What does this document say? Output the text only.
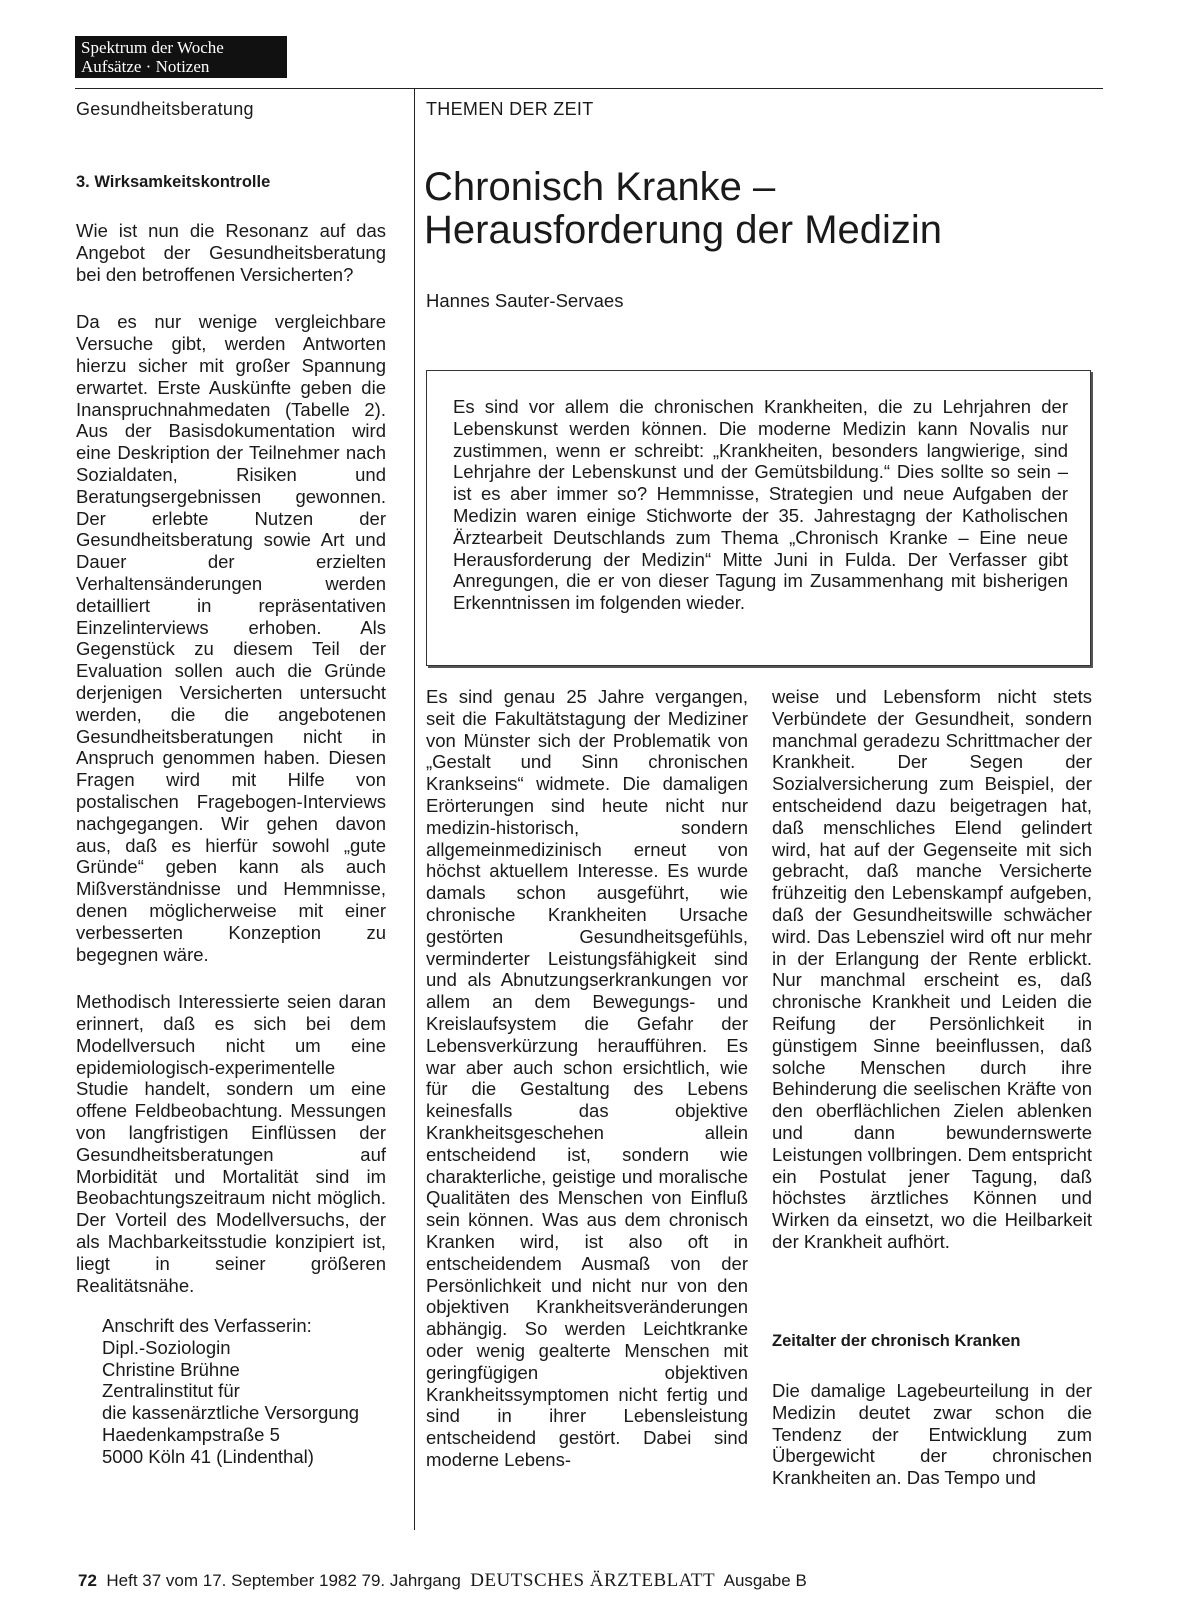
Spektrum der Woche
Aufsätze · Notizen
Gesundheitsberatung
3. Wirksamkeitskontrolle

Wie ist nun die Resonanz auf das Angebot der Gesundheitsberatung bei den betroffenen Versicherten?

Da es nur wenige vergleichbare Versuche gibt, werden Antworten hierzu sicher mit großer Spannung erwartet. Erste Auskünfte geben die Inanspruchnahmedaten (Tabelle 2). Aus der Basisdokumentation wird eine Deskription der Teilnehmer nach Sozialdaten, Risiken und Beratungsergebnissen gewonnen. Der erlebte Nutzen der Gesundheitsberatung sowie Art und Dauer der erzielten Verhaltensänderungen werden detailliert in repräsentativen Einzelinterviews erhoben. Als Gegenstück zu diesem Teil der Evaluation sollen auch die Gründe derjenigen Versicherten untersucht werden, die die angebotenen Gesundheitsberatungen nicht in Anspruch genommen haben. Diesen Fragen wird mit Hilfe von postalischen Fragebogen-Interviews nachgegangen. Wir gehen davon aus, daß es hierfür sowohl „gute Gründe“ geben kann als auch Mißverständnisse und Hemmnisse, denen möglicherweise mit einer verbesserten Konzeption zu begegnen wäre.

Methodisch Interessierte seien daran erinnert, daß es sich bei dem Modellversuch nicht um eine epidemiologisch-experimentelle Studie handelt, sondern um eine offene Feldbeobachtung. Messungen von langfristigen Einflüssen der Gesundheitsberatungen auf Morbidität und Mortalität sind im Beobachtungszeitraum nicht möglich. Der Vorteil des Modellversuchs, der als Machbarkeitsstudie konzipiert ist, liegt in seiner größeren Realitätsnähe.

Anschrift des Verfasserin:
Dipl.-Soziologin
Christine Brühne
Zentralinstitut für
die kassenärztliche Versorgung
Haedenkampstraße 5
5000 Köln 41 (Lindenthal)
THEMEN DER ZEIT
Chronisch Kranke –
Herausforderung der Medizin
Hannes Sauter-Servaes
Es sind vor allem die chronischen Krankheiten, die zu Lehrjahren der Lebenskunst werden können. Die moderne Medizin kann Novalis nur zustimmen, wenn er schreibt: „Krankheiten, besonders langwierige, sind Lehrjahre der Lebenskunst und der Gemütsbildung.“ Dies sollte so sein – ist es aber immer so? Hemmnisse, Strategien und neue Aufgaben der Medizin waren einige Stichworte der 35. Jahrestagng der Katholischen Ärztearbeit Deutschlands zum Thema „Chronisch Kranke – Eine neue Herausforderung der Medizin“ Mitte Juni in Fulda. Der Verfasser gibt Anregungen, die er von dieser Tagung im Zusammenhang mit bisherigen Erkenntnissen im folgenden wieder.
Es sind genau 25 Jahre vergangen, seit die Fakultätstagung der Mediziner von Münster sich der Problematik von „Gestalt und Sinn chronischen Krankseins“ widmete. Die damaligen Erörterungen sind heute nicht nur medizin-historisch, sondern allgemeinmedizinisch erneut von höchst aktuellem Interesse. Es wurde damals schon ausgeführt, wie chronische Krankheiten Ursache gestörten Gesundheitsgefühls, verminderter Leistungsfähigkeit sind und als Abnutzungserkrankungen vor allem an dem Bewegungs- und Kreislaufsystem die Gefahr der Lebensverkürzung heraufführen. Es war aber auch schon ersichtlich, wie für die Gestaltung des Lebens keinesfalls das objektive Krankheitsgeschehen allein entscheidend ist, sondern wie charakterliche, geistige und moralische Qualitäten des Menschen von Einfluß sein können. Was aus dem chronisch Kranken wird, ist also oft in entscheidendem Ausmaß von der Persönlichkeit und nicht nur von den objektiven Krankheitsveränderungen abhängig. So werden Leichtkranke oder wenig gealterte Menschen mit geringfügigen objektiven Krankheitssymptomen nicht fertig und sind in ihrer Lebensleistung entscheidend gestört. Dabei sind moderne Lebens-

weise und Lebensform nicht stets Verbündete der Gesundheit, sondern manchmal geradezu Schrittmacher der Krankheit. Der Segen der Sozialversicherung zum Beispiel, der entscheidend dazu beigetragen hat, daß menschliches Elend gelindert wird, hat auf der Gegenseite mit sich gebracht, daß manche Versicherte frühzeitig den Lebenskampf aufgeben, daß der Gesundheitswille schwächer wird. Das Lebensziel wird oft nur mehr in der Erlangung der Rente erblickt. Nur manchmal erscheint es, daß chronische Krankheit und Leiden die Reifung der Persönlichkeit in günstigem Sinne beeinflussen, daß solche Menschen durch ihre Behinderung die seelischen Kräfte von den oberflächlichen Zielen ablenken und dann bewundernswerte Leistungen vollbringen. Dem entspricht ein Postulat jener Tagung, daß höchstes ärztliches Können und Wirken da einsetzt, wo die Heilbarkeit der Krankheit aufhört.

Zeitalter der chronisch Kranken
Die damalige Lagebeurteilung in der Medizin deutet zwar schon die Tendenz der Entwicklung zum Übergewicht der chronischen Krankheiten an. Das Tempo und
72 Heft 37 vom 17. September 1982 79. Jahrgang DEUTSCHES ÄRZTEBLATT Ausgabe B
